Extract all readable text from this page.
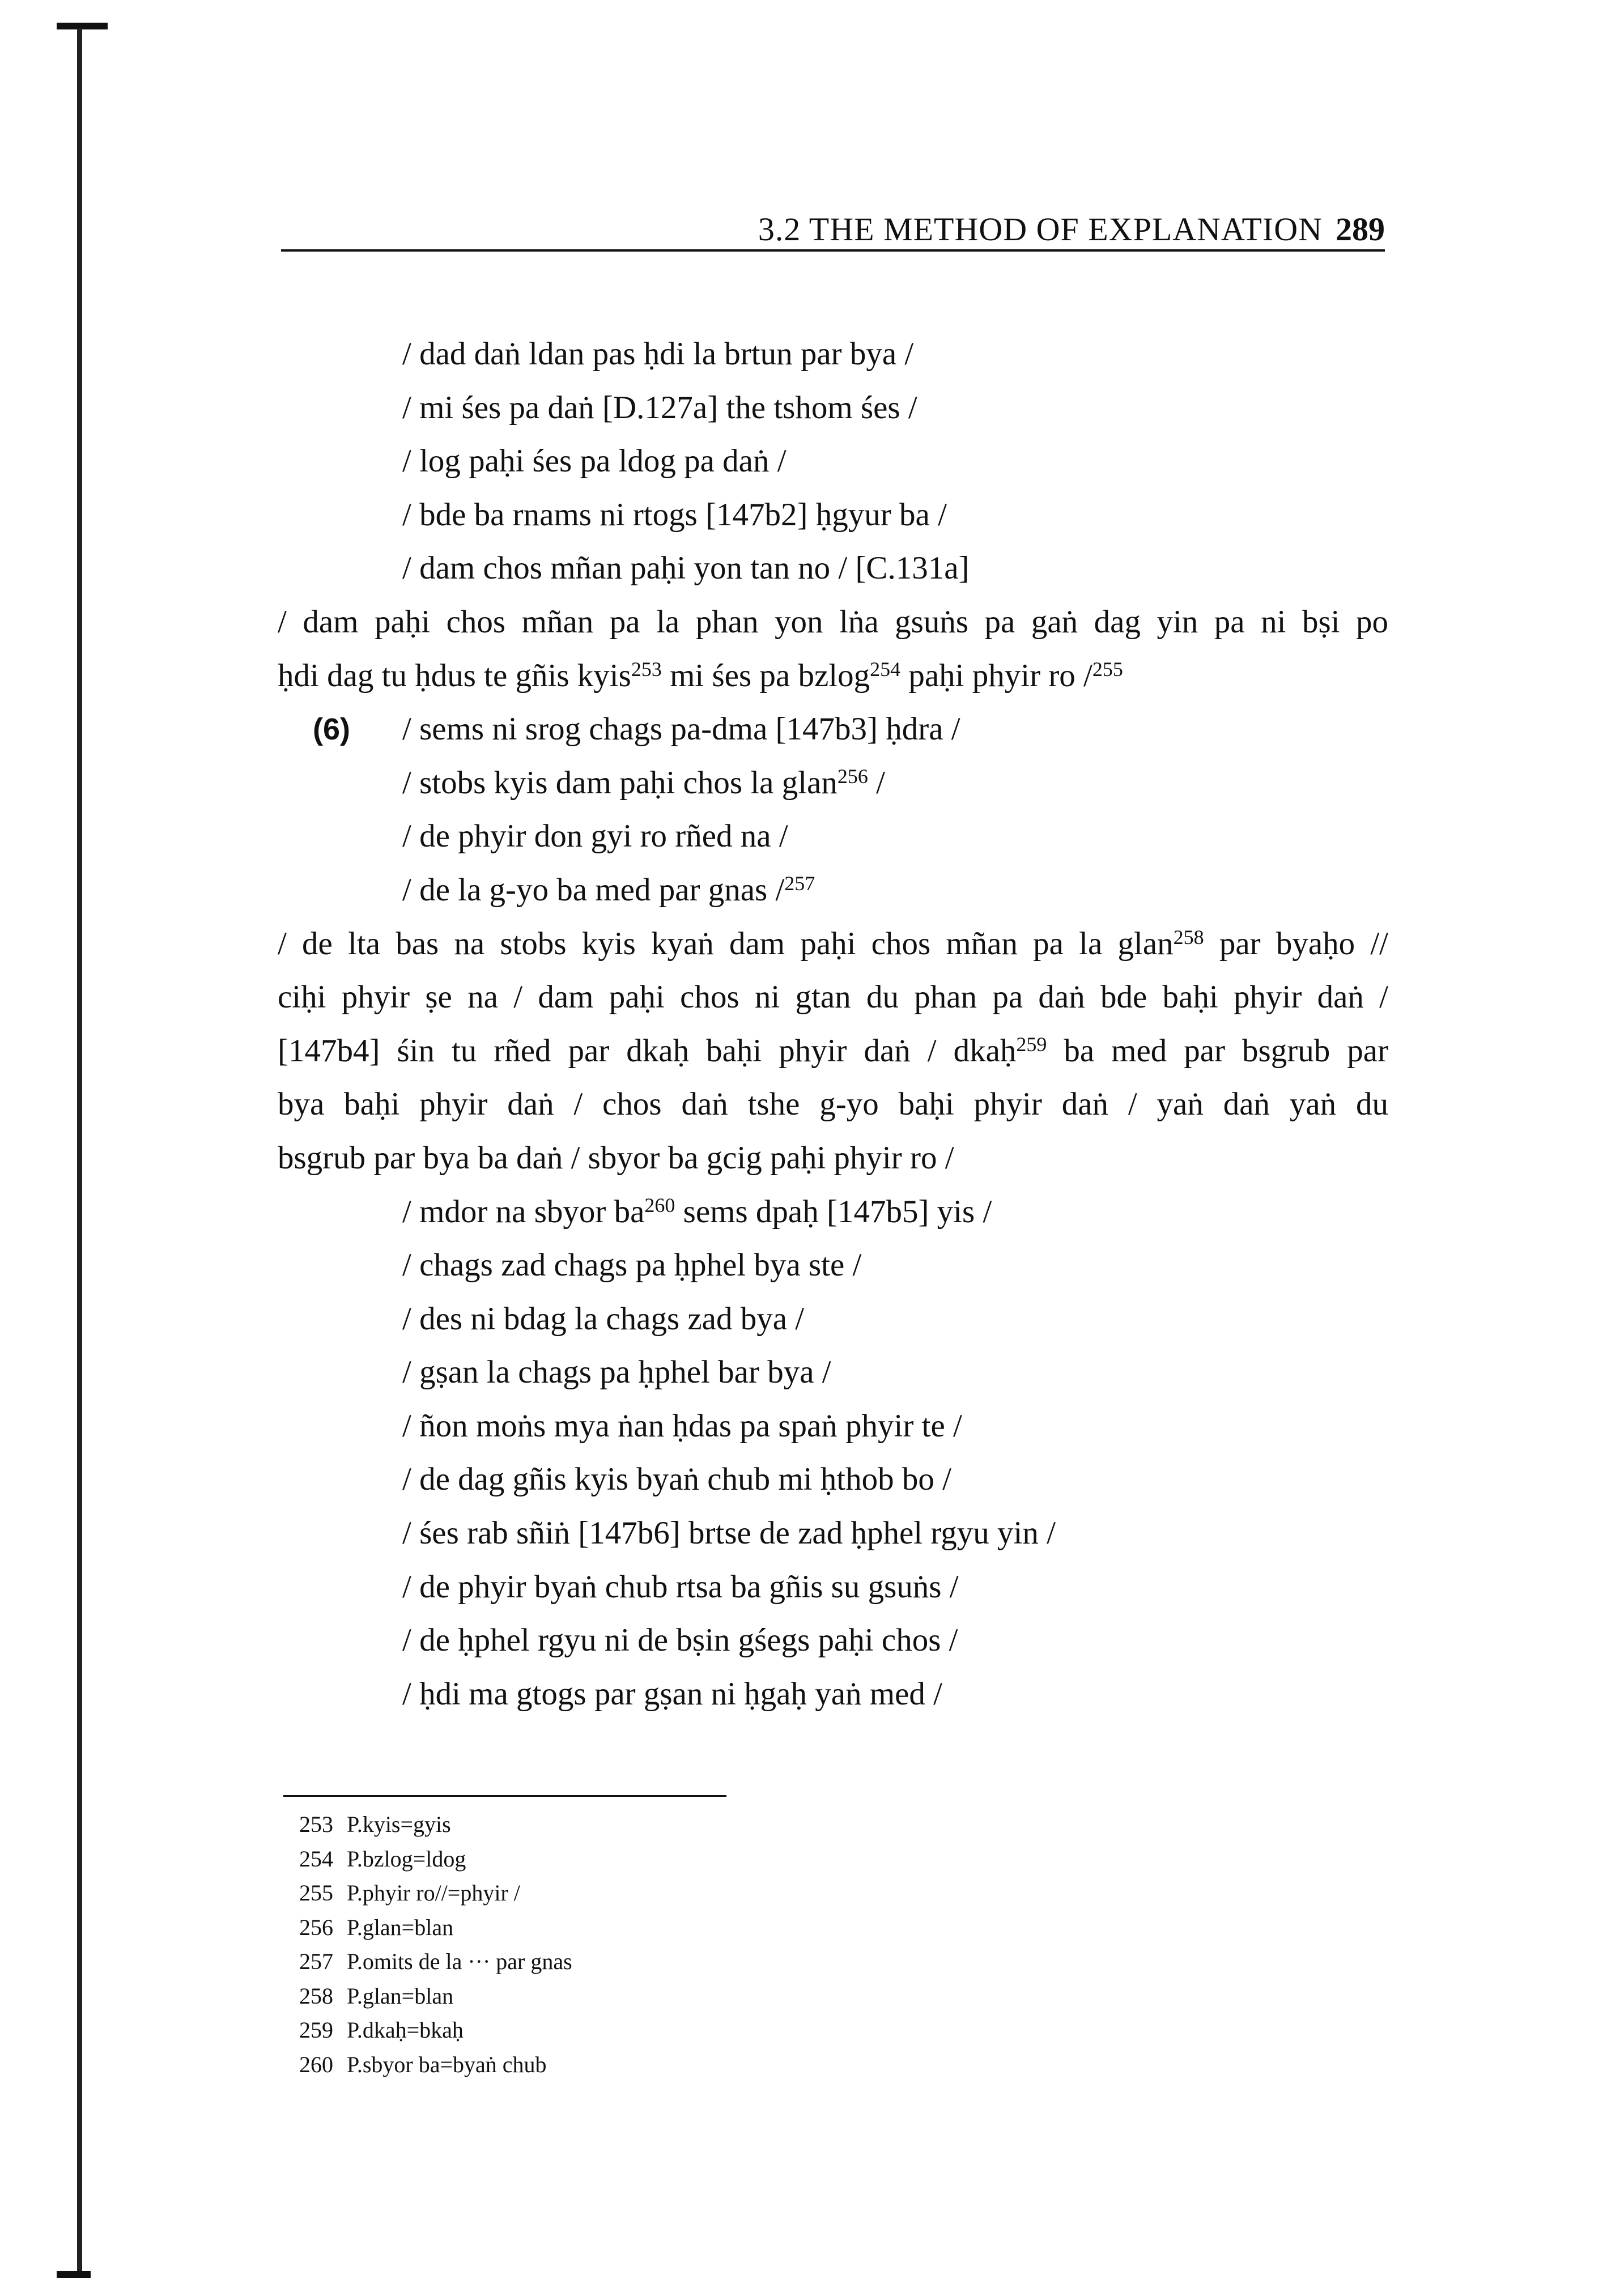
3.2 THE METHOD OF EXPLANATION 289
/ dad daṅ ldan pas ḥdi la brtun par bya /
/ mi śes pa daṅ [D.127a] the tshom śes /
/ log paḥi śes pa ldog pa daṅ /
/ bde ba rnams ni rtogs [147b2] ḥgyur ba /
/ dam chos mñan paḥi yon tan no / [C.131a]
/ dam paḥi chos mñan pa la phan yon lṅa gsuṅs pa gaṅ dag yin pa ni bṣi po
ḥdi dag tu ḥdus te gñis kyis$^{253}$ mi śes pa bzlog$^{254}$ paḥi phyir ro /$^{255}$
(6) / sems ni srog chags pa-dma [147b3] ḥdra /
/ stobs kyis dam paḥi chos la glan$^{256}$ /
/ de phyir don gyi ro rñed na /
/ de la g-yo ba med par gnas /$^{257}$
/ de lta bas na stobs kyis kyaṅ dam paḥi chos mñan pa la glan$^{258}$ par byaḥo //
ciḥi phyir ṣe na / dam paḥi chos ni gtan du phan pa daṅ bde baḥi phyir daṅ /
[147b4] śin tu rñed par dkaḥ baḥi phyir daṅ / dkaḥ$^{259}$ ba med par bsgrub par
bya baḥi phyir daṅ / chos daṅ tshe g-yo baḥi phyir daṅ / yaṅ daṅ yaṅ du
bsgrub par bya ba daṅ / sbyor ba gcig paḥi phyir ro /
/ mdor na sbyor $ba^{260}$ sems dpaḥ [147b5] yis /
/ chags zad chags pa ḥphel bya ste /
/ des ni bdag la chags zad bya /
/ gṣan la chags pa ḥphel bar bya /
/ ñon moṅs mya ṅan ḥdas pa spaṅ phyir te /
/ de dag gñis kyis byaṅ chub mi ḥthob bo /
/ śes rab sñiṅ [147b6] brtse de zad ḥphel rgyu yin /
/ de phyir byaṅ chub rtsa ba gñis su gsuṅs /
/ de ḥphel rgyu ni de bṣin gśegs paḥi chos /
/ ḥdi ma gtogs par gṣan ni ḥgaḥ yaṅ med /
253 P.kyis=gyis
254 P.bzlog=ldog
255 P.phyir ro//=phyir /
256 P.glan=blan
257 P.omits de la ··· par gnas
258 P.glan=blan
259 P.dkaḥ=bkaḥ
260 P.sbyor ba=byaṅ chub
